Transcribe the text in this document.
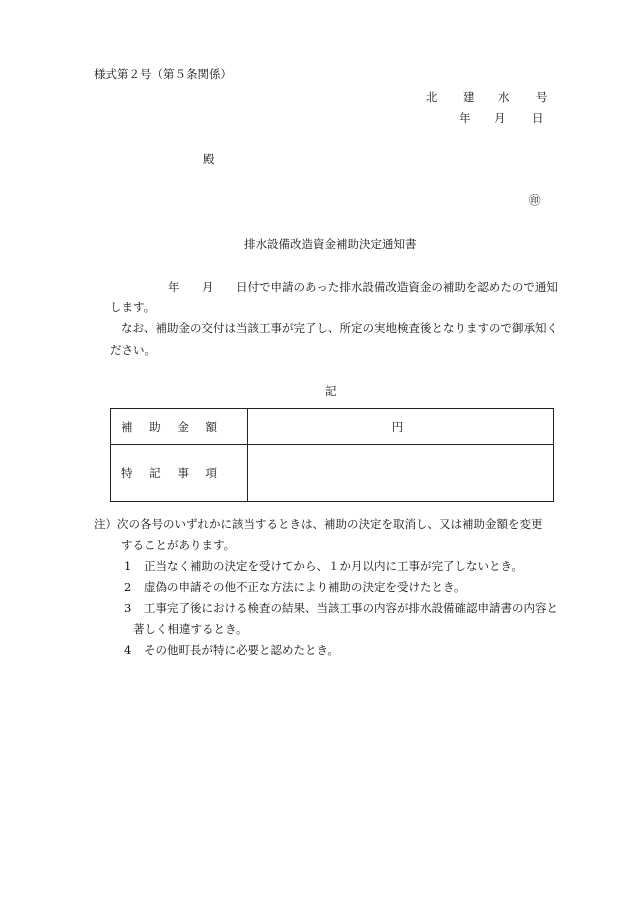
様式第２号（第５条関係）
北	建	水	号
年	月	日
殿
㊞
排水設備改造資金補助決定通知書
年	月	日付で申請のあった排水設備改造資金の補助を認めたので通知
します。
なお、補助金の交付は当該工事が完了し、所定の実地検査後となりますので御承知く
ださい。
記
補 助 金 額	円

特 記 事 項	

注）次の各号のいずれかに該当するときは、補助の決定を取消し、又は補助金額を変更
することがあります。
1 正当なく補助の決定を受けてから、１か月以内に工事が完了しないとき。
2 虚偽の申請その他不正な方法により補助の決定を受けたとき。
3 工事完了後における検査の結果、当該工事の内容が排水設備確認申請書の内容と
著しく相違するとき。
4 その他町長が特に必要と認めたとき。
